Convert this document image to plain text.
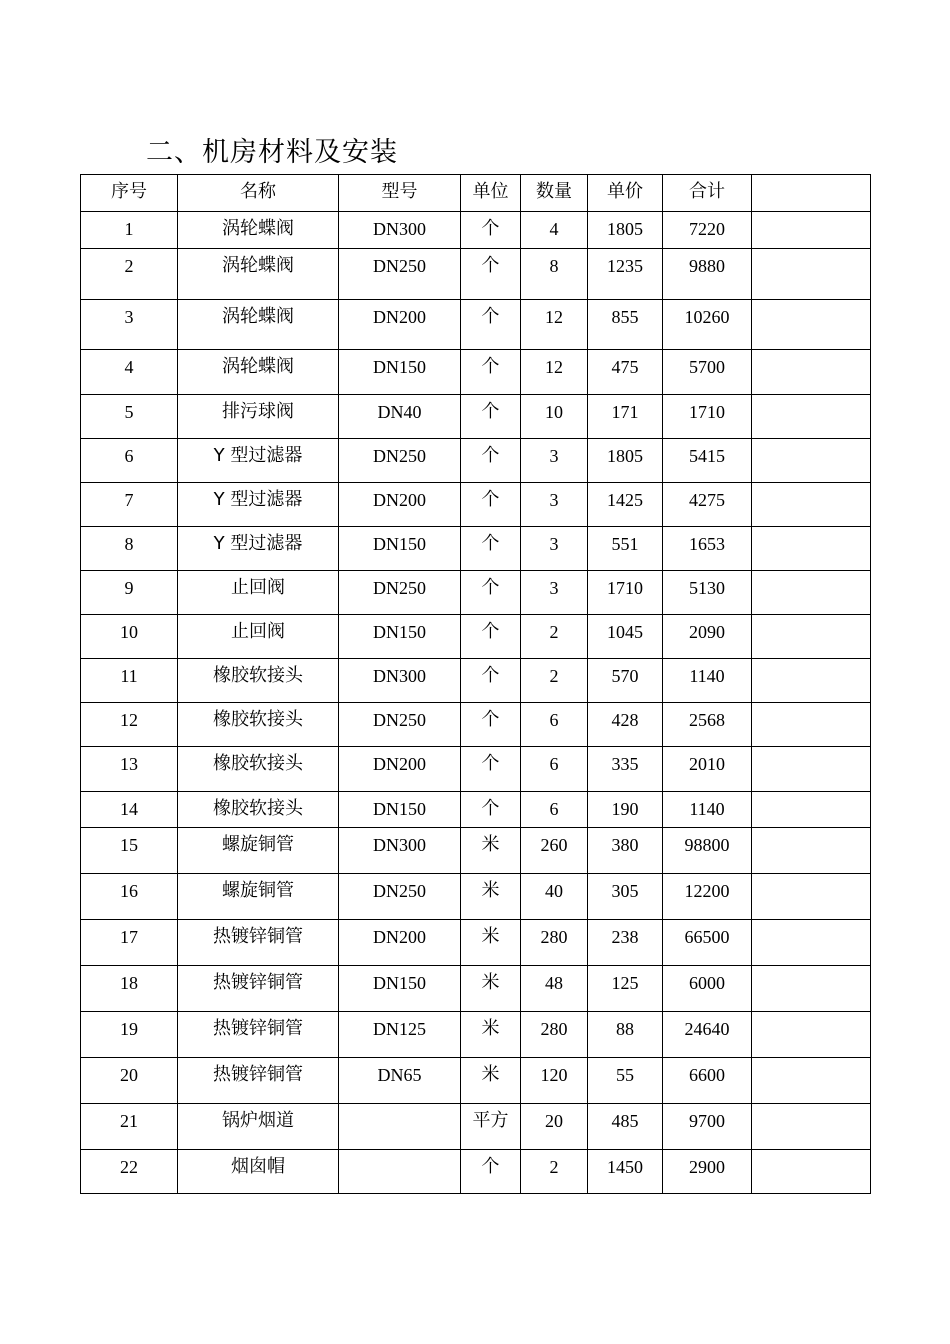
二、机房材料及安装
序号	名称	型号	单位	数量	单价	合计	
1	涡轮蝶阀	DN300	个	4	1805	7220	
2	涡轮蝶阀	DN250	个	8	1235	9880	
3	涡轮蝶阀	DN200	个	12	855	10260	
4	涡轮蝶阀	DN150	个	12	475	5700	
5	排污球阀	DN40	个	10	171	1710	
6	Y 型过滤器	DN250	个	3	1805	5415	
7	Y 型过滤器	DN200	个	3	1425	4275	
8	Y 型过滤器	DN150	个	3	551	1653	
9	止回阀	DN250	个	3	1710	5130	
10	止回阀	DN150	个	2	1045	2090	
11	橡胶软接头	DN300	个	2	570	1140	
12	橡胶软接头	DN250	个	6	428	2568	
13	橡胶软接头	DN200	个	6	335	2010	
14	橡胶软接头	DN150	个	6	190	1140	
15	螺旋铜管	DN300	米	260	380	98800	
16	螺旋铜管	DN250	米	40	305	12200	
17	热镀锌铜管	DN200	米	280	238	66500	
18	热镀锌铜管	DN150	米	48	125	6000	
19	热镀锌铜管	DN125	米	280	88	24640	
20	热镀锌铜管	DN65	米	120	55	6600	
21	锅炉烟道		平方	20	485	9700	
22	烟囱帽		个	2	1450	2900	
